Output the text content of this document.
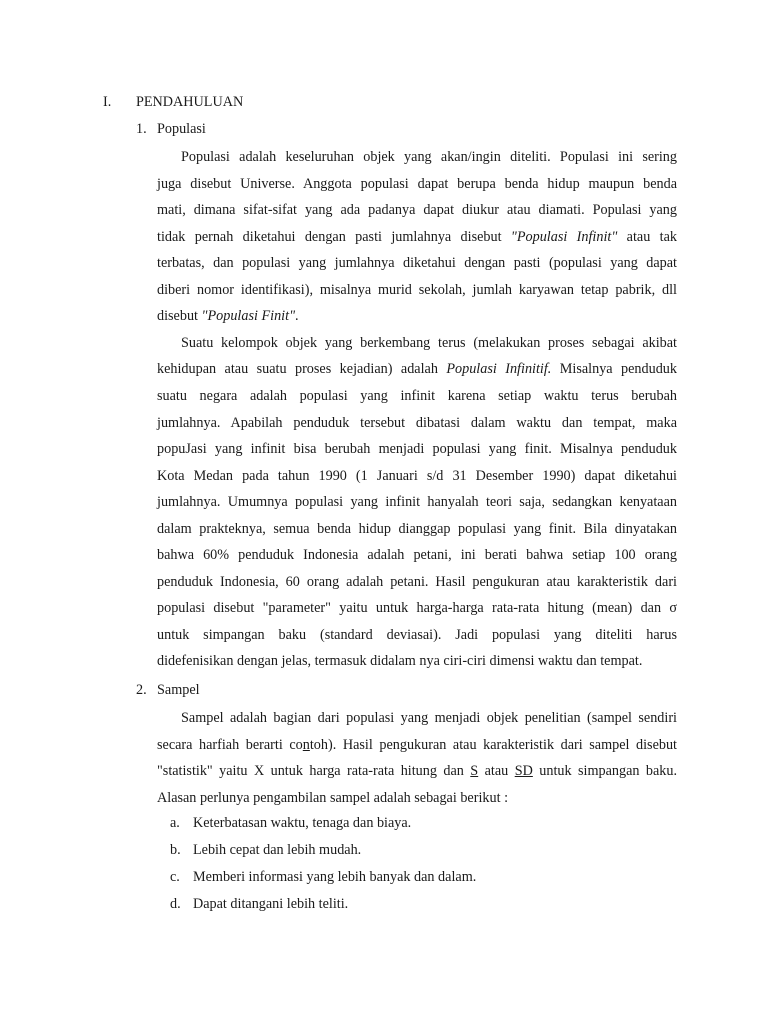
I. PENDAHULUAN
1. Populasi
Populasi adalah keseluruhan objek yang akan/ingin diteliti. Populasi ini sering
juga disebut Universe. Anggota populasi dapat berupa benda hidup maupun benda
mati, dimana sifat-sifat yang ada padanya dapat diukur atau diamati. Populasi yang
tidak pernah diketahui dengan pasti jumlahnya disebut "Populasi Infinit" atau tak
terbatas, dan populasi yang jumlahnya diketahui dengan pasti (populasi yang dapat
diberi nomor identifikasi), misalnya murid sekolah, jumlah karyawan tetap pabrik, dll
disebut "Populasi Finit".
Suatu kelompok objek yang berkembang terus (melakukan proses sebagai akibat
kehidupan atau suatu proses kejadian) adalah Populasi Infinitif. Misalnya penduduk
suatu negara adalah populasi yang infinit karena setiap waktu terus berubah
jumlahnya. Apabilah penduduk tersebut dibatasi dalam waktu dan tempat, maka
popuJasi yang infinit bisa berubah menjadi populasi yang finit. Misalnya penduduk
Kota Medan pada tahun 1990 (1 Januari s/d 31 Desember 1990) dapat diketahui
jumlahnya. Umumnya populasi yang infinit hanyalah teori saja, sedangkan kenyataan
dalam prakteknya, semua benda hidup dianggap populasi yang finit. Bila dinyatakan
bahwa 60% penduduk Indonesia adalah petani, ini berati bahwa setiap 100 orang
penduduk Indonesia, 60 orang adalah petani. Hasil pengukuran atau karakteristik dari
populasi disebut "parameter" yaitu untuk harga-harga rata-rata hitung (mean) dan σ
untuk simpangan baku (standard deviasai). Jadi populasi yang diteliti harus
didefenisikan dengan jelas, termasuk didalam nya ciri-ciri dimensi waktu dan tempat.
2. Sampel
Sampel adalah bagian dari populasi yang menjadi objek penelitian (sampel sendiri
secara harfiah berarti contoh). Hasil pengukuran atau karakteristik dari sampel disebut
"statistik" yaitu X untuk harga rata-rata hitung dan S atau SD untuk simpangan baku.
Alasan perlunya pengambilan sampel adalah sebagai berikut :
a. Keterbatasan waktu, tenaga dan biaya.
b. Lebih cepat dan lebih mudah.
c. Memberi informasi yang lebih banyak dan dalam.
d. Dapat ditangani lebih teliti.
